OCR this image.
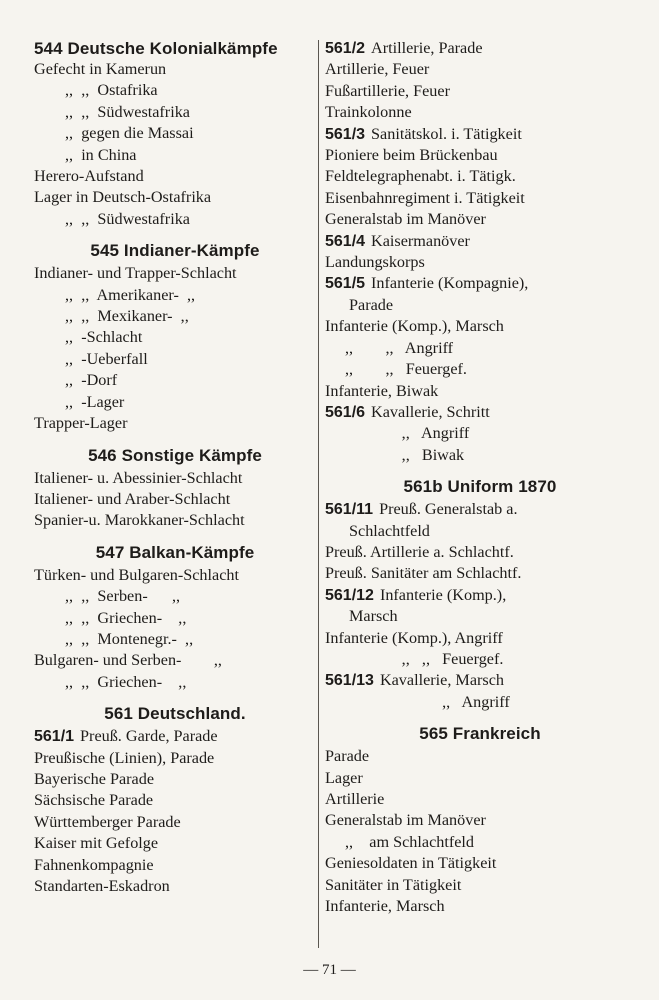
544 Deutsche Kolonialkämpfe
Gefecht in Kamerun
,,  ,,  Ostafrika
,,  ,,  Südwestafrika
,,  gegen die Massai
,,  in China
Herero-Aufstand
Lager in Deutsch-Ostafrika
,,  ,,  Südwestafrika
545 Indianer-Kämpfe
Indianer- und Trapper-Schlacht
,,  ,,  Amerikaner-  ,,
,,  ,,  Mexikaner-  ,,
,,  -Schlacht
,,  -Ueberfall
,,  -Dorf
,,  -Lager
Trapper-Lager
546 Sonstige Kämpfe
Italiener- u. Abessinier-Schlacht
Italiener- und Araber-Schlacht
Spanier-u. Marokkaner-Schlacht
547 Balkan-Kämpfe
Türken- und Bulgaren-Schlacht
,,  ,,  Serben-      ,,
,,  ,,  Griechen-    ,,
,,  ,,  Montenegr.-  ,,
Bulgaren- und Serben-        ,,
,,  ,,  Griechen-    ,,
561 Deutschland.
561/1 Preuß. Garde, Parade
Preußische (Linien), Parade
Bayerische Parade
Sächsische Parade
Württemberger Parade
Kaiser mit Gefolge
Fahnenkompagnie
Standarten-Eskadron
561/2 Artillerie, Parade
Artillerie, Feuer
Fußartillerie, Feuer
Trainkolonne
561/3 Sanitätskol. i. Tätigkeit
Pioniere beim Brückenbau
Feldtelegraphenabt. i. Tätigk.
Eisenbahnregiment i. Tätigkeit
Generalstab im Manöver
561/4 Kaisermanöver
Landungskorps
561/5 Infanterie (Kompagnie),
Parade
Infanterie (Komp.), Marsch
,,        ,,   Angriff
,,        ,,   Feuergef.
Infanterie, Biwak
561/6 Kavallerie, Schritt
,,   Angriff
,,   Biwak
561b Uniform 1870
561/11 Preuß. Generalstab a.
Schlachtfeld
Preuß. Artillerie a. Schlachtf.
Preuß. Sanitäter am Schlachtf.
561/12 Infanterie (Komp.),
Marsch
Infanterie (Komp.), Angriff
,,   ,,   Feuergef.
561/13 Kavallerie, Marsch
,,   Angriff
565 Frankreich
Parade
Lager
Artillerie
Generalstab im Manöver
,,    am Schlachtfeld
Geniesoldaten in Tätigkeit
Sanitäter in Tätigkeit
Infanterie, Marsch
— 71 —
